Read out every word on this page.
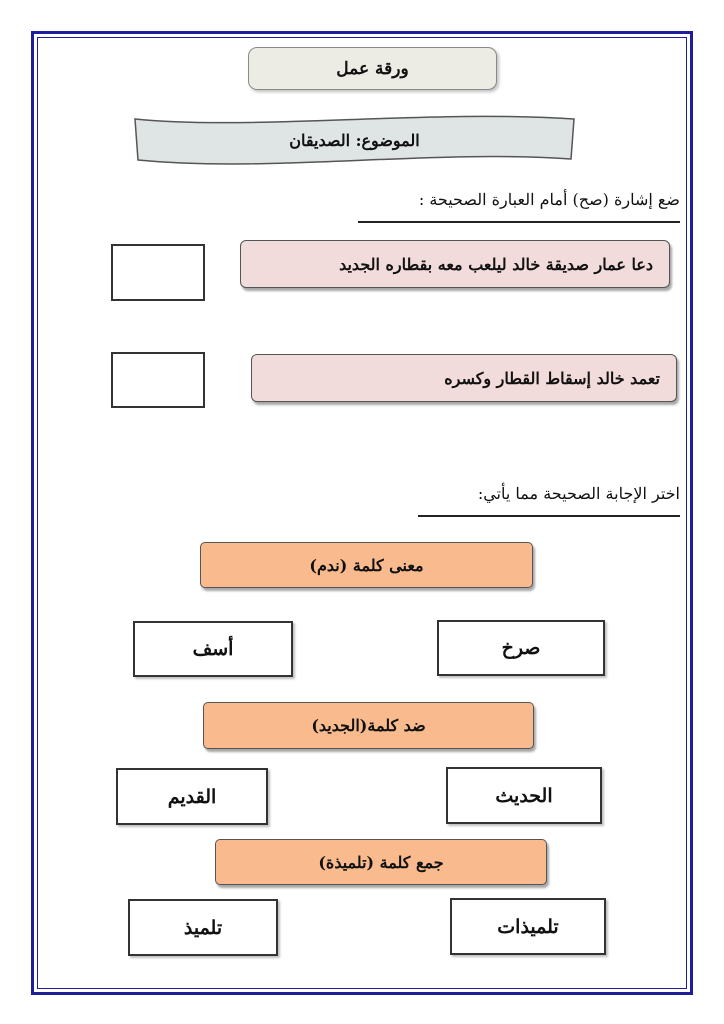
ورقة عمل
الموضوع: الصديقان
ضع إشارة (صح) أمام العبارة الصحيحة :
دعا عمار صديقة خالد ليلعب معه بقطاره الجديد
تعمد خالد إسقاط القطار وكسره
اختر الإجابة الصحيحة مما يأتي:
معنى كلمة (ندم)
صرخ
أسف
ضد كلمة(الجديد)
الحديث
القديم
جمع كلمة (تلميذة)
تلميذات
تلميذ
